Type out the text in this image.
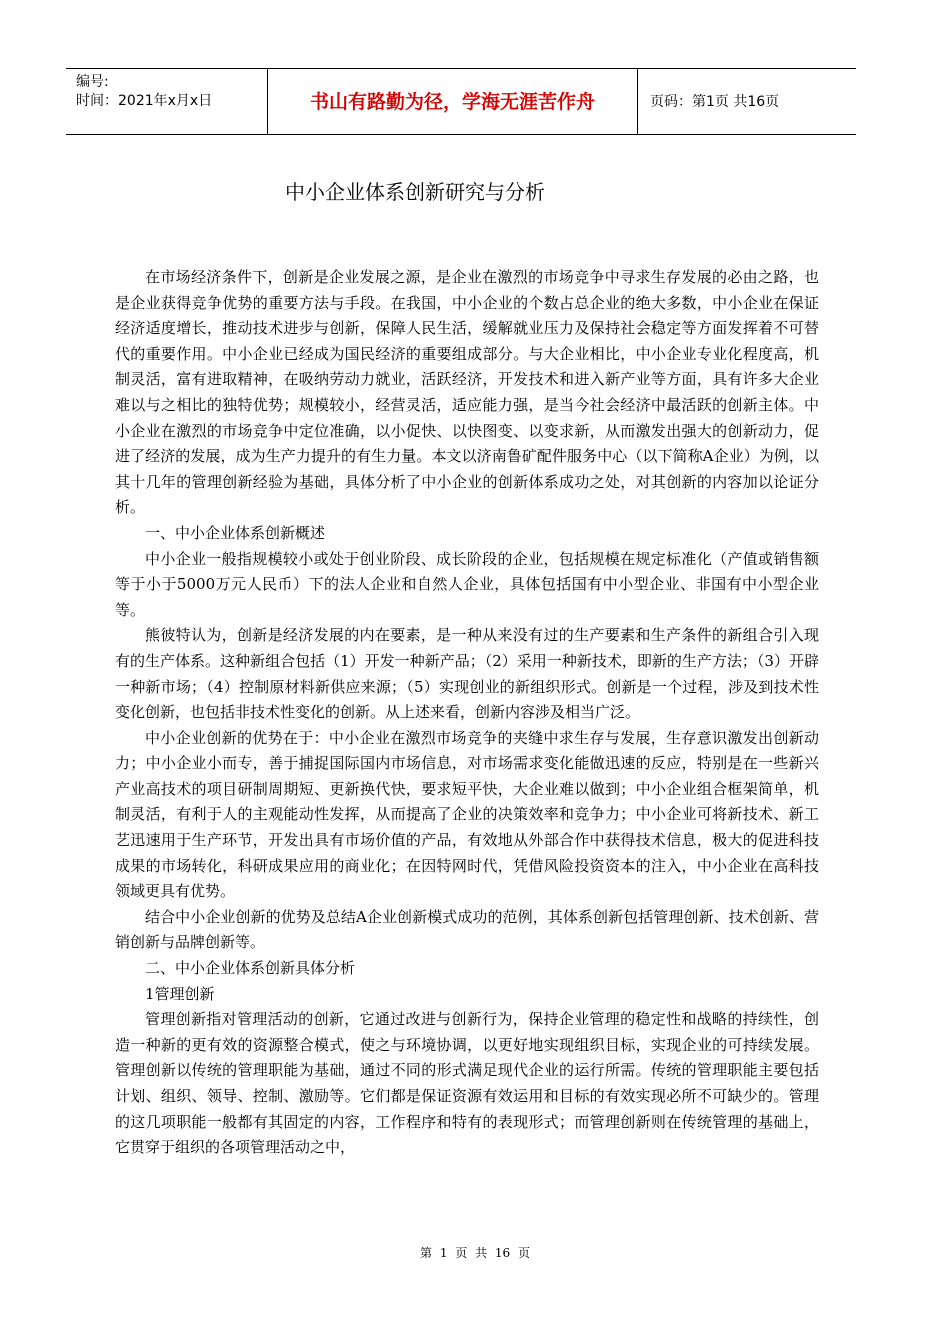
编号:
时间：2021年x月x日	书山有路勤为径，学海无涯苦作舟	页码：第1页 共16页
中小企业体系创新研究与分析

在市场经济条件下，创新是企业发展之源，是企业在激烈的市场竞争中寻求生存发展的必由之路，也是企业获得竞争优势的重要方法与手段。在我国，中小企业的个数占总企业的绝大多数，中小企业在保证经济适度增长，推动技术进步与创新，保障人民生活，缓解就业压力及保持社会稳定等方面发挥着不可替代的重要作用。中小企业已经成为国民经济的重要组成部分。与大企业相比，中小企业专业化程度高，机制灵活，富有进取精神，在吸纳劳动力就业，活跃经济，开发技术和进入新产业等方面，具有许多大企业难以与之相比的独特优势；规模较小，经营灵活，适应能力强，是当今社会经济中最活跃的创新主体。中小企业在激烈的市场竞争中定位准确，以小促快、以快图变、以变求新，从而激发出强大的创新动力，促进了经济的发展，成为生产力提升的有生力量。本文以济南鲁矿配件服务中心（以下简称A企业）为例，以其十几年的管理创新经验为基础，具体分析了中小企业的创新体系成功之处，对其创新的内容加以论证分析。

一、中小企业体系创新概述

中小企业一般指规模较小或处于创业阶段、成长阶段的企业，包括规模在规定标准化（产值或销售额等于小于5000万元人民币）下的法人企业和自然人企业，具体包括国有中小型企业、非国有中小型企业等。

熊彼特认为，创新是经济发展的内在要素，是一种从来没有过的生产要素和生产条件的新组合引入现有的生产体系。这种新组合包括（1）开发一种新产品；（2）采用一种新技术，即新的生产方法；（3）开辟一种新市场；（4）控制原材料新供应来源；（5）实现创业的新组织形式。创新是一个过程，涉及到技术性变化创新，也包括非技术性变化的创新。从上述来看，创新内容涉及相当广泛。

中小企业创新的优势在于：中小企业在激烈市场竞争的夹缝中求生存与发展，生存意识激发出创新动力；中小企业小而专，善于捕捉国际国内市场信息，对市场需求变化能做迅速的反应，特别是在一些新兴产业高技术的项目研制周期短、更新换代快，要求短平快，大企业难以做到；中小企业组合框架简单，机制灵活，有利于人的主观能动性发挥，从而提高了企业的决策效率和竞争力；中小企业可将新技术、新工艺迅速用于生产环节，开发出具有市场价值的产品，有效地从外部合作中获得技术信息，极大的促进科技成果的市场转化，科研成果应用的商业化；在因特网时代，凭借风险投资资本的注入，中小企业在高科技领域更具有优势。

结合中小企业创新的优势及总结A企业创新模式成功的范例，其体系创新包括管理创新、技术创新、营销创新与品牌创新等。

二、中小企业体系创新具体分析

1管理创新

管理创新指对管理活动的创新，它通过改进与创新行为，保持企业管理的稳定性和战略的持续性，创造一种新的更有效的资源整合模式，使之与环境协调，以更好地实现组织目标，实现企业的可持续发展。管理创新以传统的管理职能为基础，通过不同的形式满足现代企业的运行所需。传统的管理职能主要包括计划、组织、领导、控制、激励等。它们都是保证资源有效运用和目标的有效实现必所不可缺少的。管理的这几项职能一般都有其固定的内容，工作程序和特有的表现形式；而管理创新则在传统管理的基础上，它贯穿于组织的各项管理活动之中，

第 1 页 共 16 页
